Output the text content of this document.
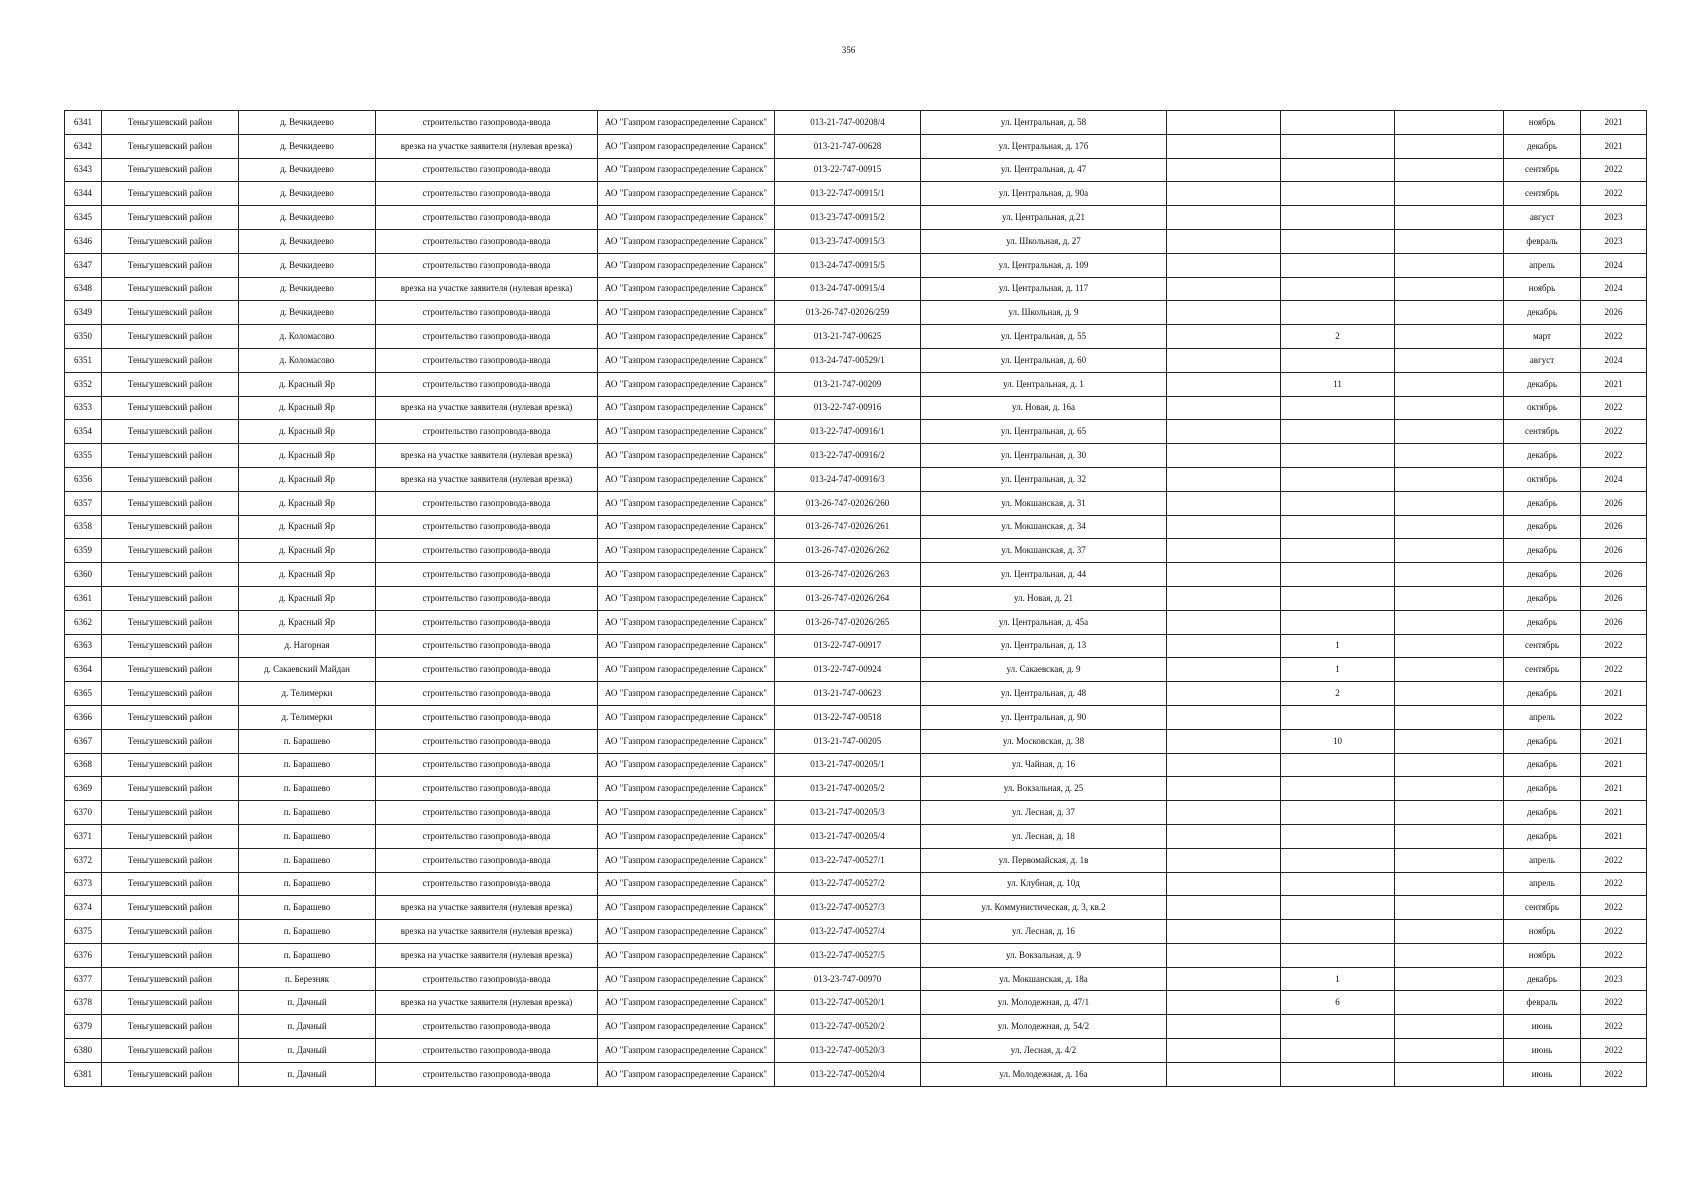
356
6341	Теньгушевский район	д. Вечкидеево	строительство газопровода-ввода	АО "Газпром газораспределение Саранск"	013-21-747-00208/4	ул. Центральная, д. 58				ноябрь	2021
6342	Теньгушевский район	д. Вечкидеево	врезка на участке заявителя (нулевая врезка)	АО "Газпром газораспределение Саранск"	013-21-747-00628	ул. Центральная, д. 17б				декабрь	2021
6343	Теньгушевский район	д. Вечкидеево	строительство газопровода-ввода	АО "Газпром газораспределение Саранск"	013-22-747-00915	ул. Центральная, д. 47				сентябрь	2022
6344	Теньгушевский район	д. Вечкидеево	строительство газопровода-ввода	АО "Газпром газораспределение Саранск"	013-22-747-00915/1	ул. Центральная, д. 90а				сентябрь	2022
6345	Теньгушевский район	д. Вечкидеево	строительство газопровода-ввода	АО "Газпром газораспределение Саранск"	013-23-747-00915/2	ул. Центральная, д.21				август	2023
6346	Теньгушевский район	д. Вечкидеево	строительство газопровода-ввода	АО "Газпром газораспределение Саранск"	013-23-747-00915/3	ул. Школьная, д. 27				февраль	2023
6347	Теньгушевский район	д. Вечкидеево	строительство газопровода-ввода	АО "Газпром газораспределение Саранск"	013-24-747-00915/5	ул. Центральная, д. 109				апрель	2024
6348	Теньгушевский район	д. Вечкидеево	врезка на участке заявителя (нулевая врезка)	АО "Газпром газораспределение Саранск"	013-24-747-00915/4	ул. Центральная, д. 117				ноябрь	2024
6349	Теньгушевский район	д. Вечкидеево	строительство газопровода-ввода	АО "Газпром газораспределение Саранск"	013-26-747-02026/259	ул. Школьная, д. 9				декабрь	2026
6350	Теньгушевский район	д. Коломасово	строительство газопровода-ввода	АО "Газпром газораспределение Саранск"	013-21-747-00625	ул. Центральная, д. 55		2		март	2022
6351	Теньгушевский район	д. Коломасово	строительство газопровода-ввода	АО "Газпром газораспределение Саранск"	013-24-747-00529/1	ул. Центральная, д. 60				август	2024
6352	Теньгушевский район	д. Красный Яр	строительство газопровода-ввода	АО "Газпром газораспределение Саранск"	013-21-747-00209	ул. Центральная, д. 1		11		декабрь	2021
6353	Теньгушевский район	д. Красный Яр	врезка на участке заявителя (нулевая врезка)	АО "Газпром газораспределение Саранск"	013-22-747-00916	ул. Новая, д. 16а				октябрь	2022
6354	Теньгушевский район	д. Красный Яр	строительство газопровода-ввода	АО "Газпром газораспределение Саранск"	013-22-747-00916/1	ул. Центральная, д. 65				сентябрь	2022
6355	Теньгушевский район	д. Красный Яр	врезка на участке заявителя (нулевая врезка)	АО "Газпром газораспределение Саранск"	013-22-747-00916/2	ул. Центральная, д. 30				декабрь	2022
6356	Теньгушевский район	д. Красный Яр	врезка на участке заявителя (нулевая врезка)	АО "Газпром газораспределение Саранск"	013-24-747-00916/3	ул. Центральная, д. 32				октябрь	2024
6357	Теньгушевский район	д. Красный Яр	строительство газопровода-ввода	АО "Газпром газораспределение Саранск"	013-26-747-02026/260	ул. Мокшанская, д. 31				декабрь	2026
6358	Теньгушевский район	д. Красный Яр	строительство газопровода-ввода	АО "Газпром газораспределение Саранск"	013-26-747-02026/261	ул. Мокшанская, д. 34				декабрь	2026
6359	Теньгушевский район	д. Красный Яр	строительство газопровода-ввода	АО "Газпром газораспределение Саранск"	013-26-747-02026/262	ул. Мокшанская, д. 37				декабрь	2026
6360	Теньгушевский район	д. Красный Яр	строительство газопровода-ввода	АО "Газпром газораспределение Саранск"	013-26-747-02026/263	ул. Центральная, д. 44				декабрь	2026
6361	Теньгушевский район	д. Красный Яр	строительство газопровода-ввода	АО "Газпром газораспределение Саранск"	013-26-747-02026/264	ул. Новая, д. 21				декабрь	2026
6362	Теньгушевский район	д. Красный Яр	строительство газопровода-ввода	АО "Газпром газораспределение Саранск"	013-26-747-02026/265	ул. Центральная, д. 45а				декабрь	2026
6363	Теньгушевский район	д. Нагорная	строительство газопровода-ввода	АО "Газпром газораспределение Саранск"	013-22-747-00917	ул. Центральная, д. 13		1		сентябрь	2022
6364	Теньгушевский район	д. Сакаевский Майдан	строительство газопровода-ввода	АО "Газпром газораспределение Саранск"	013-22-747-00924	ул. Сакаевская, д. 9		1		сентябрь	2022
6365	Теньгушевский район	д. Телимерки	строительство газопровода-ввода	АО "Газпром газораспределение Саранск"	013-21-747-00623	ул. Центральная, д. 48		2		декабрь	2021
6366	Теньгушевский район	д. Телимерки	строительство газопровода-ввода	АО "Газпром газораспределение Саранск"	013-22-747-00518	ул. Центральная, д. 90				апрель	2022
6367	Теньгушевский район	п. Барашево	строительство газопровода-ввода	АО "Газпром газораспределение Саранск"	013-21-747-00205	ул. Московская, д. 38		10		декабрь	2021
6368	Теньгушевский район	п. Барашево	строительство газопровода-ввода	АО "Газпром газораспределение Саранск"	013-21-747-00205/1	ул. Чайная, д. 16				декабрь	2021
6369	Теньгушевский район	п. Барашево	строительство газопровода-ввода	АО "Газпром газораспределение Саранск"	013-21-747-00205/2	ул. Вокзальная, д. 25				декабрь	2021
6370	Теньгушевский район	п. Барашево	строительство газопровода-ввода	АО "Газпром газораспределение Саранск"	013-21-747-00205/3	ул. Лесная, д. 37				декабрь	2021
6371	Теньгушевский район	п. Барашево	строительство газопровода-ввода	АО "Газпром газораспределение Саранск"	013-21-747-00205/4	ул. Лесная, д. 18				декабрь	2021
6372	Теньгушевский район	п. Барашево	строительство газопровода-ввода	АО "Газпром газораспределение Саранск"	013-22-747-00527/1	ул. Первомайская, д. 1в				апрель	2022
6373	Теньгушевский район	п. Барашево	строительство газопровода-ввода	АО "Газпром газораспределение Саранск"	013-22-747-00527/2	ул. Клубная, д. 10д				апрель	2022
6374	Теньгушевский район	п. Барашево	врезка на участке заявителя (нулевая врезка)	АО "Газпром газораспределение Саранск"	013-22-747-00527/3	ул. Коммунистическая, д. 3, кв.2				сентябрь	2022
6375	Теньгушевский район	п. Барашево	врезка на участке заявителя (нулевая врезка)	АО "Газпром газораспределение Саранск"	013-22-747-00527/4	ул. Лесная, д. 16				ноябрь	2022
6376	Теньгушевский район	п. Барашево	врезка на участке заявителя (нулевая врезка)	АО "Газпром газораспределение Саранск"	013-22-747-00527/5	ул. Вокзальная, д. 9				ноябрь	2022
6377	Теньгушевский район	п. Березняк	строительство газопровода-ввода	АО "Газпром газораспределение Саранск"	013-23-747-00970	ул. Мокшанская, д. 18а		1		декабрь	2023
6378	Теньгушевский район	п. Дачный	врезка на участке заявителя (нулевая врезка)	АО "Газпром газораспределение Саранск"	013-22-747-00520/1	ул. Молодежная, д. 47/1		6		февраль	2022
6379	Теньгушевский район	п. Дачный	строительство газопровода-ввода	АО "Газпром газораспределение Саранск"	013-22-747-00520/2	ул. Молодежная, д. 54/2				июнь	2022
6380	Теньгушевский район	п. Дачный	строительство газопровода-ввода	АО "Газпром газораспределение Саранск"	013-22-747-00520/3	ул. Лесная, д. 4/2				июнь	2022
6381	Теньгушевский район	п. Дачный	строительство газопровода-ввода	АО "Газпром газораспределение Саранск"	013-22-747-00520/4	ул. Молодежная, д. 16а				июнь	2022
